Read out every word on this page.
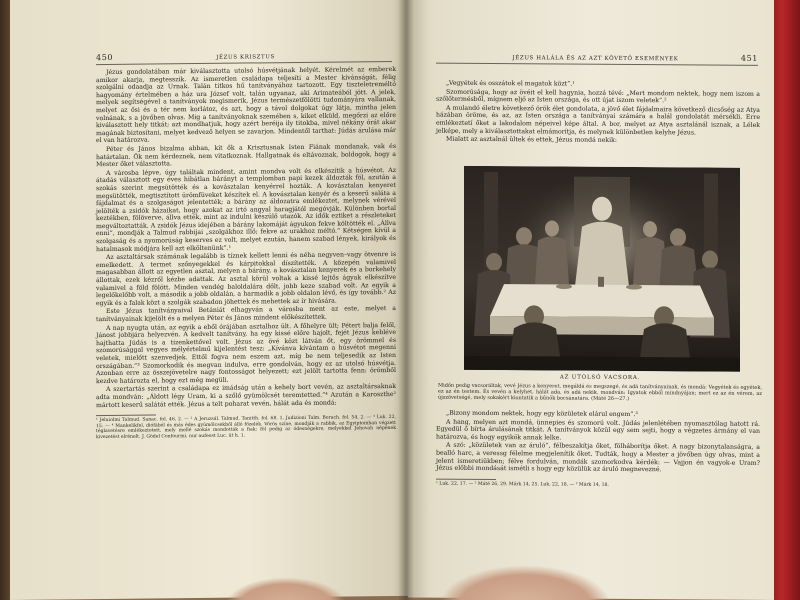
450	JÉZUS KRISZTUS

Jézus gondolatában már kiválasztotta utolsó húsvétjának helyét. Kérelmét az emberek amikor akarja, megtesszik. Az ismeretlen családapa teljesíti a Mester kívánságát, félig szolgálni odaadja az Urnak. Talán titkos hű tanítványához tartozott. Egy tiszteletreméltó hagyomány értelmében a ház ura József volt, talán ugyanaz, aki Arimateából jött. A jelek, melyek segítségével a tanítványok megismerik, Jézus természetfölötti tudományára vallanak, melyet az ősi és a tér nem korlátoz, és azt, hogy a távol dolgokat úgy látja, mintha jelen volnának, s a jövőben olvas. Mig a tanítványoknak szemében s, kiket elküld, megőrzi az előre kiválasztott hely titkát; azt mondhatjuk, hogy azért beréija ily titokba, mivel nékány órát akar magának biztosítani, melyet kedvező helyen se zavarjon. Mindentől tarthat: Júdás árulása már el van határozva.

Péter és János bizalma abban, kit ők a Krisztusnak Isten Fiának mondanak, vak és határtalan. Ők nem kérdeznek, nem vitatkoznak. Hallgatnak és eltávoznak, boldogok, hogy a Mester őket választotta.

A városba lépve, úgy találtak mindent, amint mondva volt és elkészítik a húsvétot. Az átadás választott egy éves hibátlan bárányt a templomban papi kezek áldozták föl, azután a szokás szerint megsütötték és a kovásztalan kenyérrel hozták. A kovásztalan kenyeret megsütötték, megtisztított ürömfüveket készítek el. A kovásztalan kenyér és a keserű saláta a fájdalmat és a szolgaságot jelentették; a bárány az áldozatra emlékeztet, melynek vérével jelölték a zsidók házaikat, hogy azokat az irtó angyal haragjától megóvják. Különben bortal keztékben, fölöverve, állva ették, mint az indulni készülő utazók. Az idők eztiket a részleteket megváltoztatták. A zsidók Jézus idejében a bárány lakomáját ágyukon fekve költötték el. „Állva enni”, mondják a Talmud rabbijai „szolgákhoz illő; fekve az urakhoz méltó.” Kétségen kívül a szolgaság és a nyomorúság keserves ez volt, melyet ezután, hanem szabad lények, királyok és hatalmasok módjára kell azt elköltenünk”.¹

Az asztaltársak számának legalább is tíznek kellett lenni és néha negyven–vagy ötvenre is emelkedett. A termet szőnyegekkel és kárpitokkal díszítették. A közepén valamivel magasabban állott az egyetlen asztal, melyen a bárány, a kovásztalan kenyerek és a borkehely állottak, ezek kézről kézbe adattak. Az asztal körül voltak a kissé lejtős ágyak elkészítve valamivel a föld fölött. Minden vendég baloldalára dőlt, jobb keze szabad volt. Az egyik a legelőkelőbb volt, a második a jobb oldalán, a harmadik a jobb oldalon lévő, és így tovább.² Az egyik és a falak közt a szolgák szabadon jöhettek és mehettek az ír hivására.

Este Jézus tanítványaival Betániát elhagyván a városba ment az este, melyet a tanítványainak kijelölt és a melyen Péter és János mindent előkészítettek.

A nap nyugta után, az egyik a eből órájában asztalhoz ült. A főhelyre ült; Pétert balja felől, Jánost jobbjára helyezvén. A kedvelt tanítvány, ha egy kissé előre hajolt, fejét Jézus kebléve hajthatta Júdás is a tizenkettővel volt. Jézus az övé közt látván őt, egy örömmel és szomorúsággal vegyes mélyértelmű kijelentést tesz: „Kívánva kívántam a húsvétot megenni veletek, mielőtt szenvedjek. Ettől fogva nem eszem azt, míg be nem teljesedik az Isten országában.”³ Szomorkodik és megvan indulva, erre gondolván, hogy ez az utolsó húsvétja. Azonban erre az összejövetelre nagy fontosságot helyezett; ezt jelölt tartotta fenn: örömből kezdve határozta el, hogy ezt még megüli.

A szertartás szerint a családapa ez imádság után a kehely bort vevén, az asztaltársaknak adta mondván: „Áldott légy Uram, ki a szőlő gyümölcsét teremtetted.”⁴ Azután a Karoszthe² mártott keserű salátát ették. Jézus a telt poharat vevén, hálát ada és mondá:

¹ Jeluiolmi Talmud. Sanac. fol. 46, 2. — ² A Jeruzsál. Talmud. Tanitth. fol. 68. 1, Judizioni Talm. Borach. fol. 54, 2. — ³ Luk. 22, 15. — ⁴ Mankelikfel, diófából és más édes gyümölcsekből álló főzelék. Vörös színe, mondják a rabbik, az Egyiptomban végzett téglavetésre emlékeztetett, mely mellé szokás mondották a fiak; föl pedig az ódesnégekre, melyekkel Jehovah népének kivezetést elrénelt. J. Gödel Confourmi, nur aufeost Luc. üt h. 1.
JÉZUS HALÁLA ÉS AZ AZT KÖVETŐ ESEMÉNYEK	451

„Vegyétek és osszátok el magatok közt”.¹

Szomorúsága, hogy az övéit el kell hagynia, hozzá tévé: „Mert mondom nektek, hogy nem iszom a szőlőtermésből, mígnem eljő az Isten országa, és ott újat iszom veletek”.²

A mulandó életre következő örök élet gondolata, a jövő élet fájdalmaira következő dicsőség az Atya házában öröme, és az, az Isten országa a tanítványai számára a halál gondolatát mérsékli. Erre emlékeztetí őket a lakodalom népeivel képe által. A bor, melyet az Atya asztalánál isznak, a Lélek jelképe, mely a kiválasztottakat elmámorítja, és melynek különbetlen kelyhe Jézus.

Mialatt az asztalnál ültek és ettek, Jézus mondá nekik:

AZ UTOLSÓ VACSORA.
Midőn pedig vacsoráltak, vevé Jézus a kenyeret, megáldá és megszegé, és adá tanítványainak, és mondá: Vegyétek és egyétek, ez az én testem. És vevén a kelyhet, hálát ada, és adá nekik, mondván: Igyatok ebből mindnyájan; mert ez az én vérem, az újszövetségé, mely sokakért kiontatik a bűnök bocsánatára. (Máté 26—27.)

„Bizony mondom nektek, hogy egy közületek elárul engem”.³

A hang, melyen azt mondá, ünnepies és szomorú volt. Júdás jelenlétében nyomasztólag hatott rá. Egyedül ő bírta árulásának titkát. A tanítványok közül egy sem sejti, hogy a végzetes ármány el van határozva, és hogy egyikök annak lelke.

A szó: „közületek van az áruló”, félbeszakítja őket, fölháborítja őket. A nagy bizonytalanságra, a bealló harc, a veressg félelme megjelenítik őket. Tudták, hogy a Mester a jövőben úgy olvas, mint a jelent ismeretiükben; félve fordulván, mondák szomorkodva kérdék: — Vajjon én vagyok-e Uram? Jézus előbbi mondását ismétli s hogy egy közülük az áruló megnevezné.

¹ Luk. 22, 17. — ² Máté 26, 29. Márk 14, 25. Luk. 22, 18. — ³ Márk 14, 18.
